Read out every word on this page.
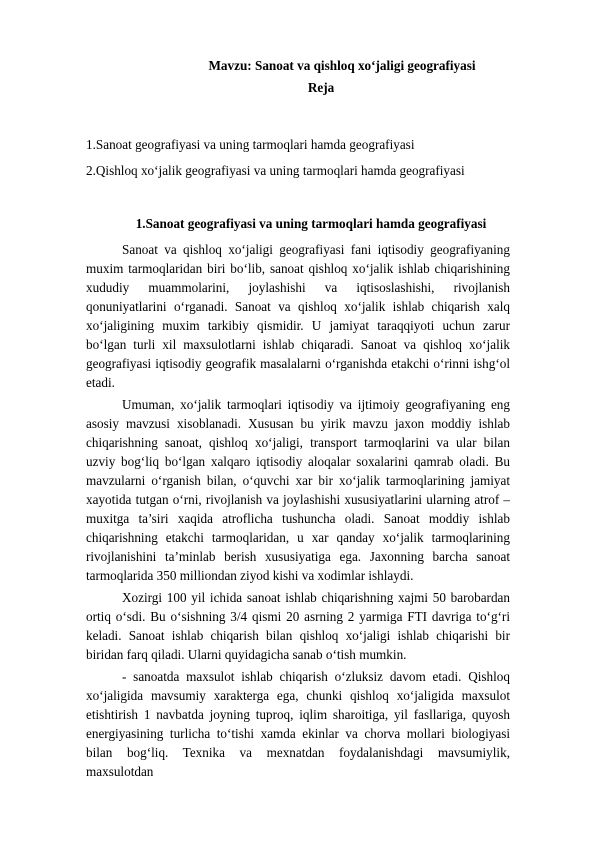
Mavzu: Sanoat va qishloq xo‘jaligi geografiyasi
Reja
1.Sanoat geografiyasi va uning tarmoqlari hamda geografiyasi
2.Qishloq xo‘jalik geografiyasi va uning tarmoqlari hamda geografiyasi
1.Sanoat geografiyasi va uning tarmoqlari hamda geografiyasi

Sanoat va qishloq xo‘jaligi geografiyasi fani iqtisodiy geografiyaning muxim tarmoqlaridan biri bo‘lib, sanoat qishloq xo‘jalik ishlab chiqarishining xududiy muammolarini, joylashishi va iqtisoslashishi, rivojlanish qonuniyatlarini o‘rganadi. Sanoat va qishloq xo‘jalik ishlab chiqarish xalq xo‘jaligining muxim tarkibiy qismidir. U jamiyat taraqqiyoti uchun zarur bo‘lgan turli xil maxsulotlarni ishlab chiqaradi. Sanoat va qishloq xo‘jalik geografiyasi iqtisodiy geografik masalalarni o‘rganishda etakchi o‘rinni ishg‘ol etadi.

Umuman, xo‘jalik tarmoqlari iqtisodiy va ijtimoiy geografiyaning eng asosiy mavzusi xisoblanadi. Xususan bu yirik mavzu jaxon moddiy ishlab chiqarishning sanoat, qishloq xo‘jaligi, transport tarmoqlarini va ular bilan uzviy bog‘liq bo‘lgan xalqaro iqtisodiy aloqalar soxalarini qamrab oladi. Bu mavzularni o‘rganish bilan, o‘quvchi xar bir xo‘jalik tarmoqlarining jamiyat xayotida tutgan o‘rni, rivojlanish va joylashishi xususiyatlarini ularning atrof – muxitga ta’siri xaqida atroflicha tushuncha oladi. Sanoat moddiy ishlab chiqarishning etakchi tarmoqlaridan, u xar qanday xo‘jalik tarmoqlarining rivojlanishini ta’minlab berish xususiyatiga ega. Jaxonning barcha sanoat tarmoqlarida 350 milliondan ziyod kishi va xodimlar ishlaydi.

Xozirgi 100 yil ichida sanoat ishlab chiqarishning xajmi 50 barobardan ortiq o‘sdi. Bu o‘sishning 3/4 qismi 20 asrning 2 yarmiga FTI davriga to‘g‘ri keladi. Sanoat ishlab chiqarish bilan qishloq xo‘jaligi ishlab chiqarishi bir biridan farq qiladi. Ularni quyidagicha sanab o‘tish mumkin.

- sanoatda maxsulot ishlab chiqarish o‘zluksiz davom etadi. Qishloq xo‘jaligida mavsumiy xarakterga ega, chunki qishloq xo‘jaligida maxsulot etishtirish 1 navbatda joyning tuproq, iqlim sharoitiga, yil fasllariga, quyosh energiyasining turlicha to‘tishi xamda ekinlar va chorva mollari biologiyasi bilan bog‘liq. Texnika va mexnatdan foydalanishdagi mavsumiylik, maxsulotdan
